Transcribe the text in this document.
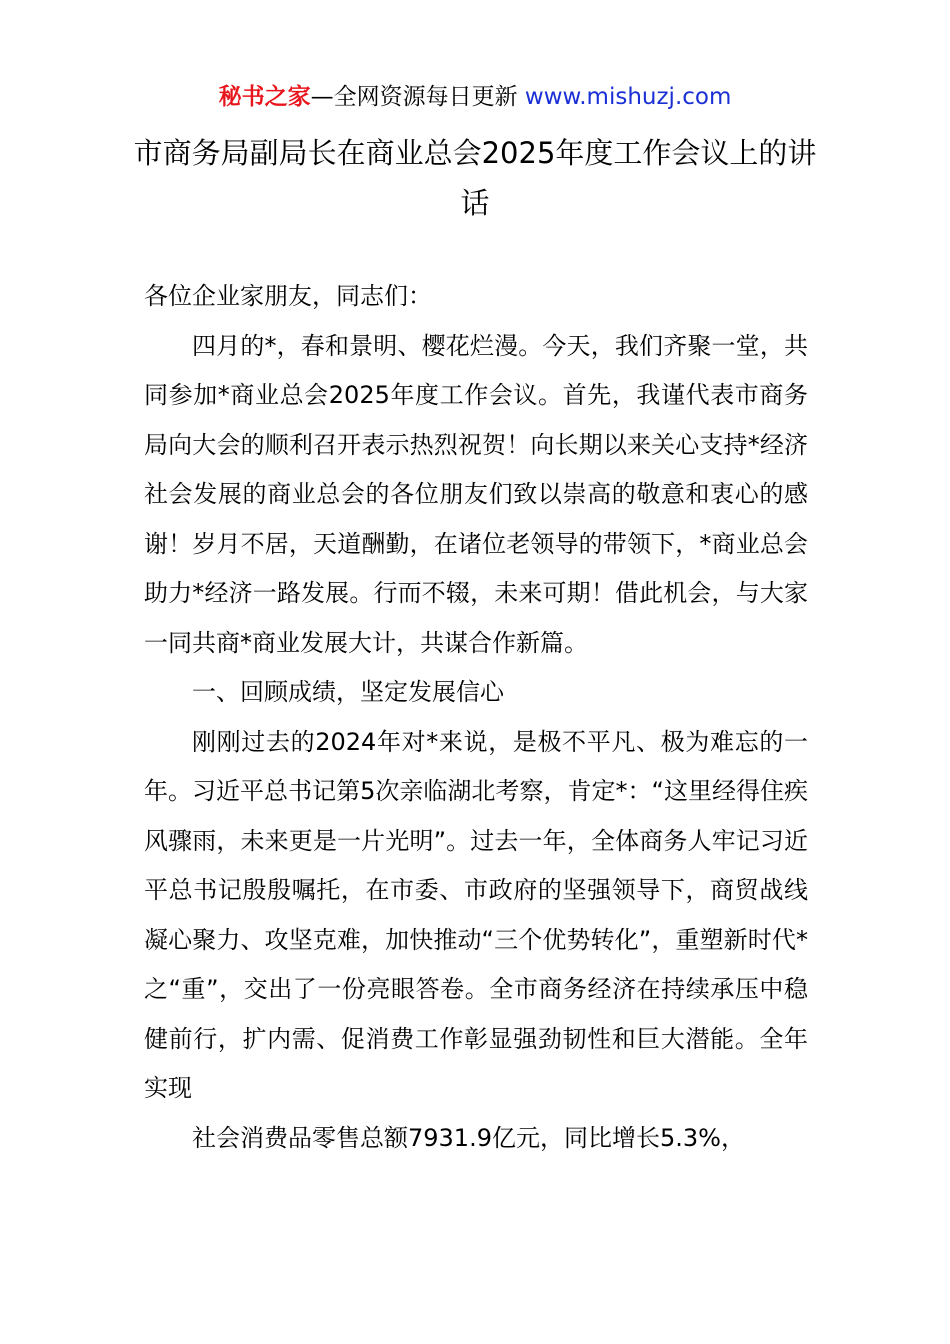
秘书之家—全网资源每日更新 www.mishuzj.com
市商务局副局长在商业总会2025年度工作会议上的讲话

各位企业家朋友，同志们：

四月的*，春和景明、樱花烂漫。今天，我们齐聚一堂，共同参加*商业总会2025年度工作会议。首先，我谨代表市商务局向大会的顺利召开表示热烈祝贺！向长期以来关心支持*经济社会发展的商业总会的各位朋友们致以崇高的敬意和衷心的感谢！岁月不居，天道酬勤，在诸位老领导的带领下，*商业总会助力*经济一路发展。行而不辍，未来可期！借此机会，与大家一同共商*商业发展大计，共谋合作新篇。

一、回顾成绩，坚定发展信心

刚刚过去的2024年对*来说，是极不平凡、极为难忘的一年。习近平总书记第5次亲临湖北考察，肯定*：“这里经得住疾风骤雨，未来更是一片光明”。过去一年，全体商务人牢记习近平总书记殷殷嘱托，在市委、市政府的坚强领导下，商贸战线凝心聚力、攻坚克难，加快推动“三个优势转化”，重塑新时代*之“重”，交出了一份亮眼答卷。全市商务经济在持续承压中稳健前行，扩内需、促消费工作彰显强劲韧性和巨大潜能。全年实现

社会消费品零售总额7931.9亿元，同比增长5.3%，
